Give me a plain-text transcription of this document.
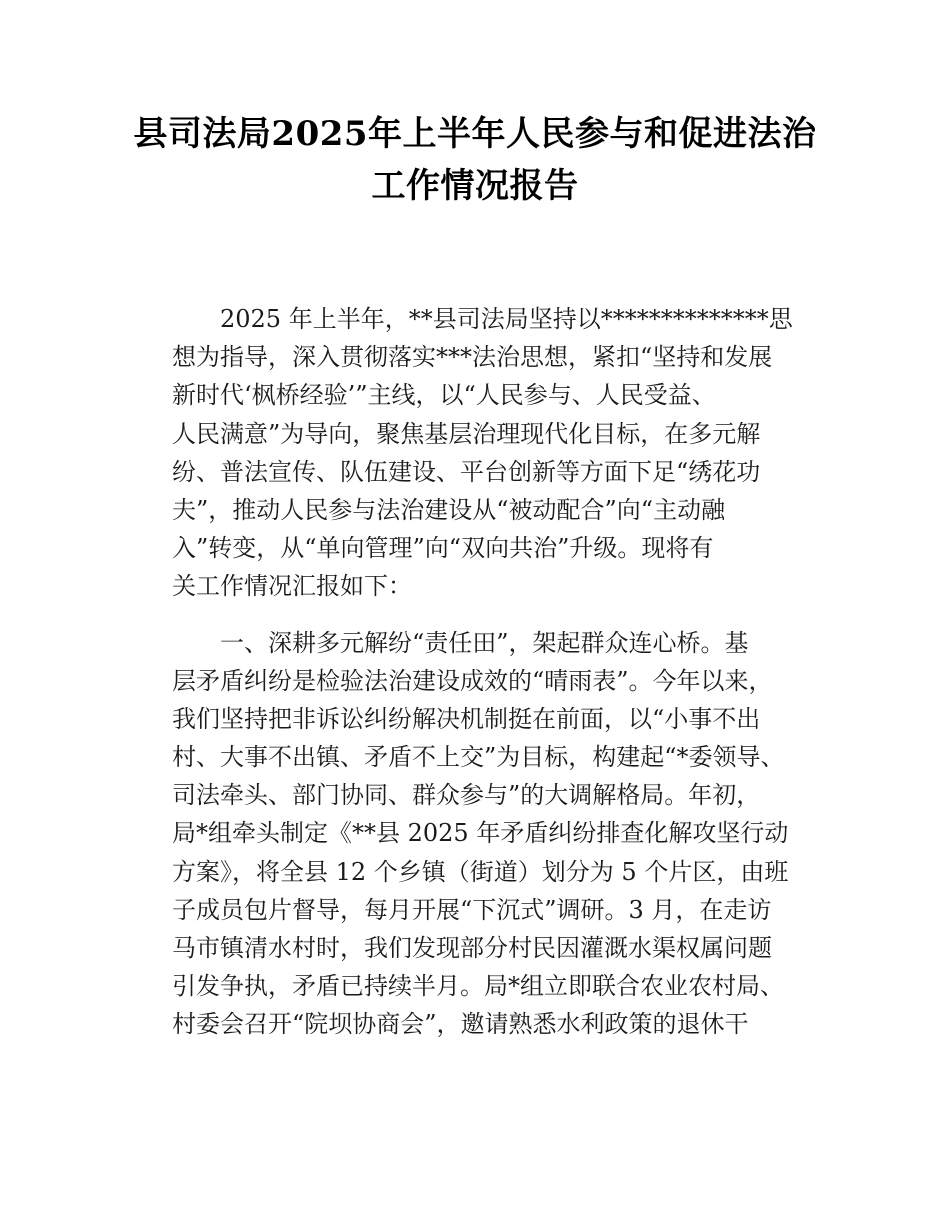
县司法局2025年上半年人民参与和促进法治
工作情况报告
2025 年上半年，**县司法局坚持以**************思
想为指导，深入贯彻落实***法治思想，紧扣“坚持和发展
新时代‘枫桥经验’”主线，以“人民参与、人民受益、
人民满意”为导向，聚焦基层治理现代化目标，在多元解
纷、普法宣传、队伍建设、平台创新等方面下足“绣花功
夫”，推动人民参与法治建设从“被动配合”向“主动融
入”转变，从“单向管理”向“双向共治”升级。现将有
关工作情况汇报如下：
一、深耕多元解纷“责任田”，架起群众连心桥。基
层矛盾纠纷是检验法治建设成效的“晴雨表”。今年以来，
我们坚持把非诉讼纠纷解决机制挺在前面，以“小事不出
村、大事不出镇、矛盾不上交”为目标，构建起“*委领导、
司法牵头、部门协同、群众参与”的大调解格局。年初，
局*组牵头制定《**县 2025 年矛盾纠纷排查化解攻坚行动
方案》，将全县 12 个乡镇（街道）划分为 5 个片区，由班
子成员包片督导，每月开展“下沉式”调研。3 月，在走访
马市镇清水村时，我们发现部分村民因灌溉水渠权属问题
引发争执，矛盾已持续半月。局*组立即联合农业农村局、
村委会召开“院坝协商会”，邀请熟悉水利政策的退休干
